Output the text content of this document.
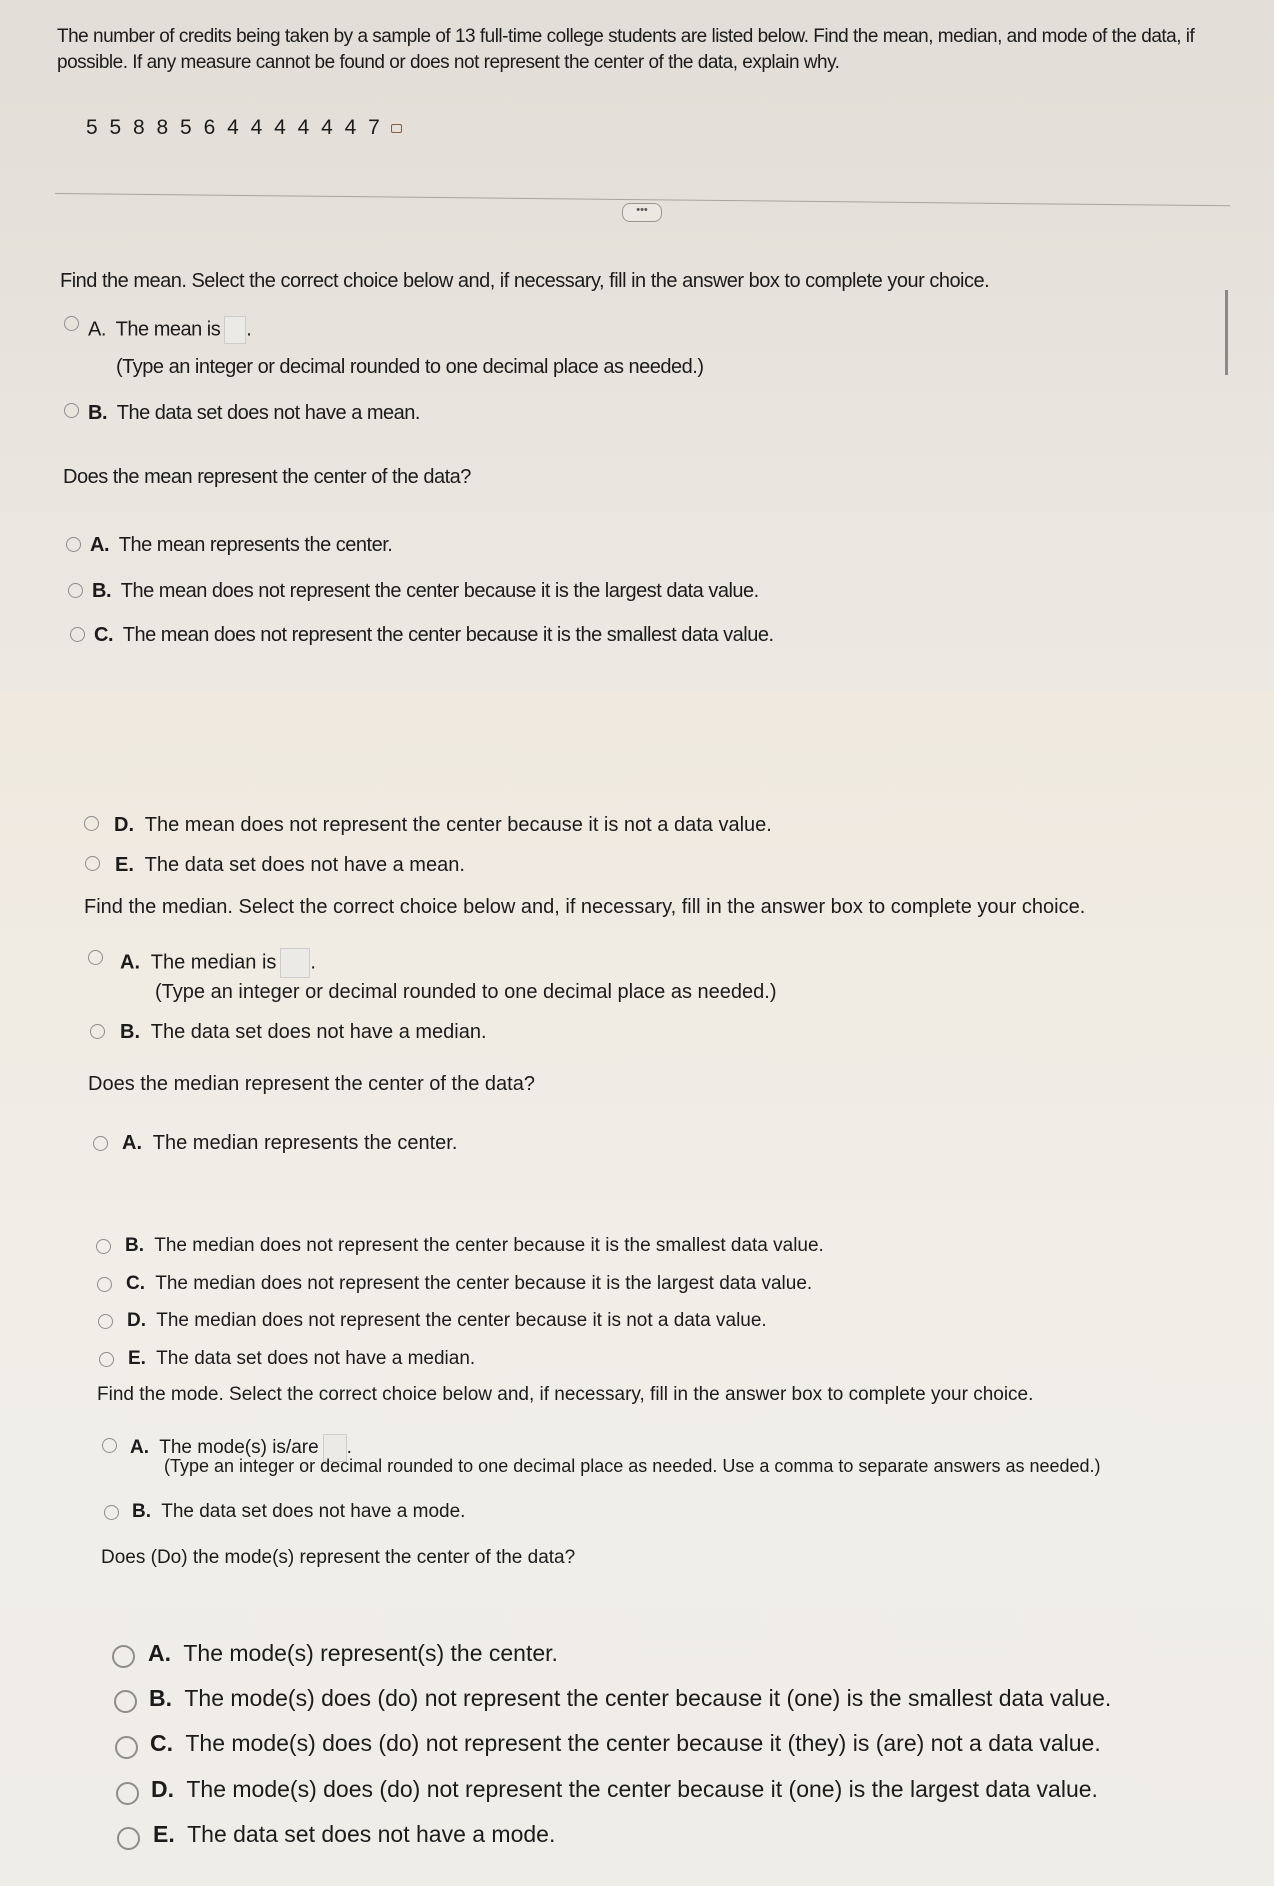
The number of credits being taken by a sample of 13 full-time college students are listed below. Find the mean, median, and mode of the data, if possible. If any measure cannot be found or does not represent the center of the data, explain why.
5 5 8 8 5 6 4 4 4 4 4 4 7
•••
Find the mean. Select the correct choice below and, if necessary, fill in the answer box to complete your choice.
A. The mean is .
(Type an integer or decimal rounded to one decimal place as needed.)
B. The data set does not have a mean.
Does the mean represent the center of the data?
A. The mean represents the center.
B. The mean does not represent the center because it is the largest data value.
C. The mean does not represent the center because it is the smallest data value.
D. The mean does not represent the center because it is not a data value.
E. The data set does not have a mean.
Find the median. Select the correct choice below and, if necessary, fill in the answer box to complete your choice.
A. The median is .
(Type an integer or decimal rounded to one decimal place as needed.)
B. The data set does not have a median.
Does the median represent the center of the data?
A. The median represents the center.
B. The median does not represent the center because it is the smallest data value.
C. The median does not represent the center because it is the largest data value.
D. The median does not represent the center because it is not a data value.
E. The data set does not have a median.
Find the mode. Select the correct choice below and, if necessary, fill in the answer box to complete your choice.
A. The mode(s) is/are .
(Type an integer or decimal rounded to one decimal place as needed. Use a comma to separate answers as needed.)
B. The data set does not have a mode.
Does (Do) the mode(s) represent the center of the data?
A. The mode(s) represent(s) the center.
B. The mode(s) does (do) not represent the center because it (one) is the smallest data value.
C. The mode(s) does (do) not represent the center because it (they) is (are) not a data value.
D. The mode(s) does (do) not represent the center because it (one) is the largest data value.
E. The data set does not have a mode.
